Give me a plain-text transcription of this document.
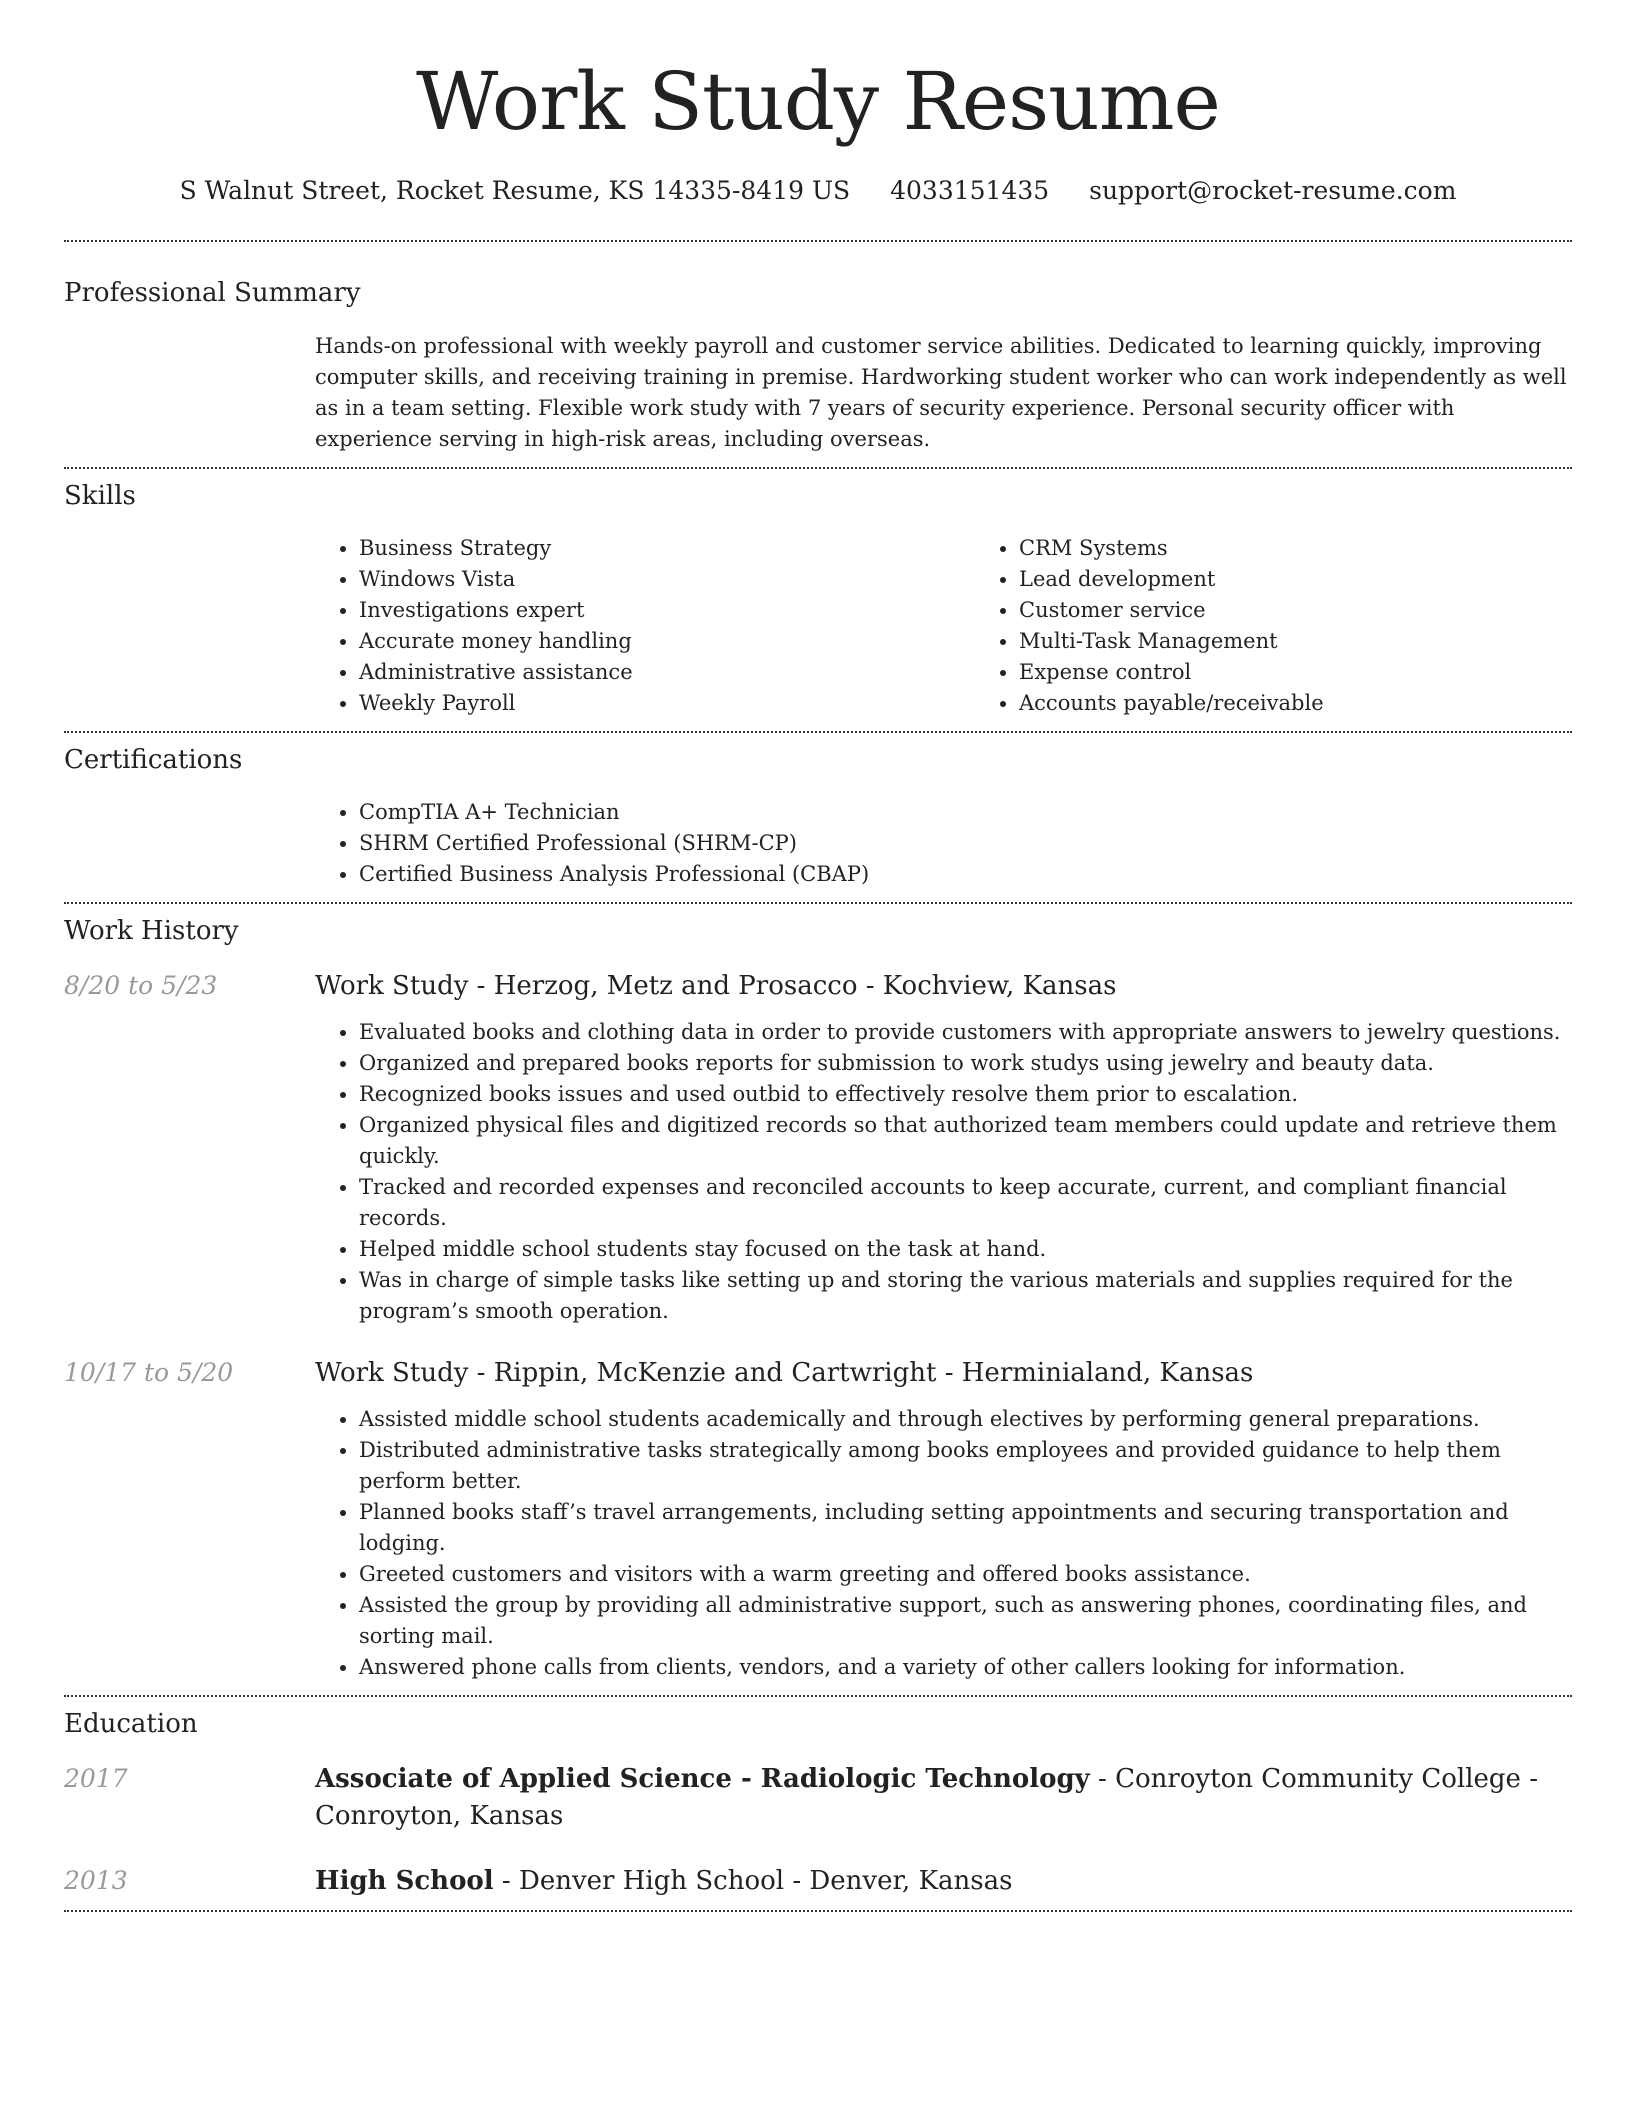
Work Study Resume
S Walnut Street, Rocket Resume, KS 14335-8419 US 4033151435 support@rocket-resume.com
Professional Summary
Hands-on professional with weekly payroll and customer service abilities. Dedicated to learning quickly, improving computer skills, and receiving training in premise. Hardworking student worker who can work independently as well as in a team setting. Flexible work study with 7 years of security experience. Personal security officer with experience serving in high-risk areas, including overseas.
Skills
• Business Strategy
• Windows Vista
• Investigations expert
• Accurate money handling
• Administrative assistance
• Weekly Payroll
• CRM Systems
• Lead development
• Customer service
• Multi-Task Management
• Expense control
• Accounts payable/receivable
Certifications
• CompTIA A+ Technician
• SHRM Certified Professional (SHRM-CP)
• Certified Business Analysis Professional (CBAP)
Work History
8/20 to 5/23	Work Study - Herzog, Metz and Prosacco - Kochview, Kansas
• Evaluated books and clothing data in order to provide customers with appropriate answers to jewelry questions.
• Organized and prepared books reports for submission to work studys using jewelry and beauty data.
• Recognized books issues and used outbid to effectively resolve them prior to escalation.
• Organized physical files and digitized records so that authorized team members could update and retrieve them quickly.
• Tracked and recorded expenses and reconciled accounts to keep accurate, current, and compliant financial records.
• Helped middle school students stay focused on the task at hand.
• Was in charge of simple tasks like setting up and storing the various materials and supplies required for the program’s smooth operation.
10/17 to 5/20	Work Study - Rippin, McKenzie and Cartwright - Herminialand, Kansas
• Assisted middle school students academically and through electives by performing general preparations.
• Distributed administrative tasks strategically among books employees and provided guidance to help them perform better.
• Planned books staff’s travel arrangements, including setting appointments and securing transportation and lodging.
• Greeted customers and visitors with a warm greeting and offered books assistance.
• Assisted the group by providing all administrative support, such as answering phones, coordinating files, and sorting mail.
• Answered phone calls from clients, vendors, and a variety of other callers looking for information.
Education
2017	Associate of Applied Science - Radiologic Technology - Conroyton Community College - Conroyton, Kansas
2013	High School - Denver High School - Denver, Kansas
